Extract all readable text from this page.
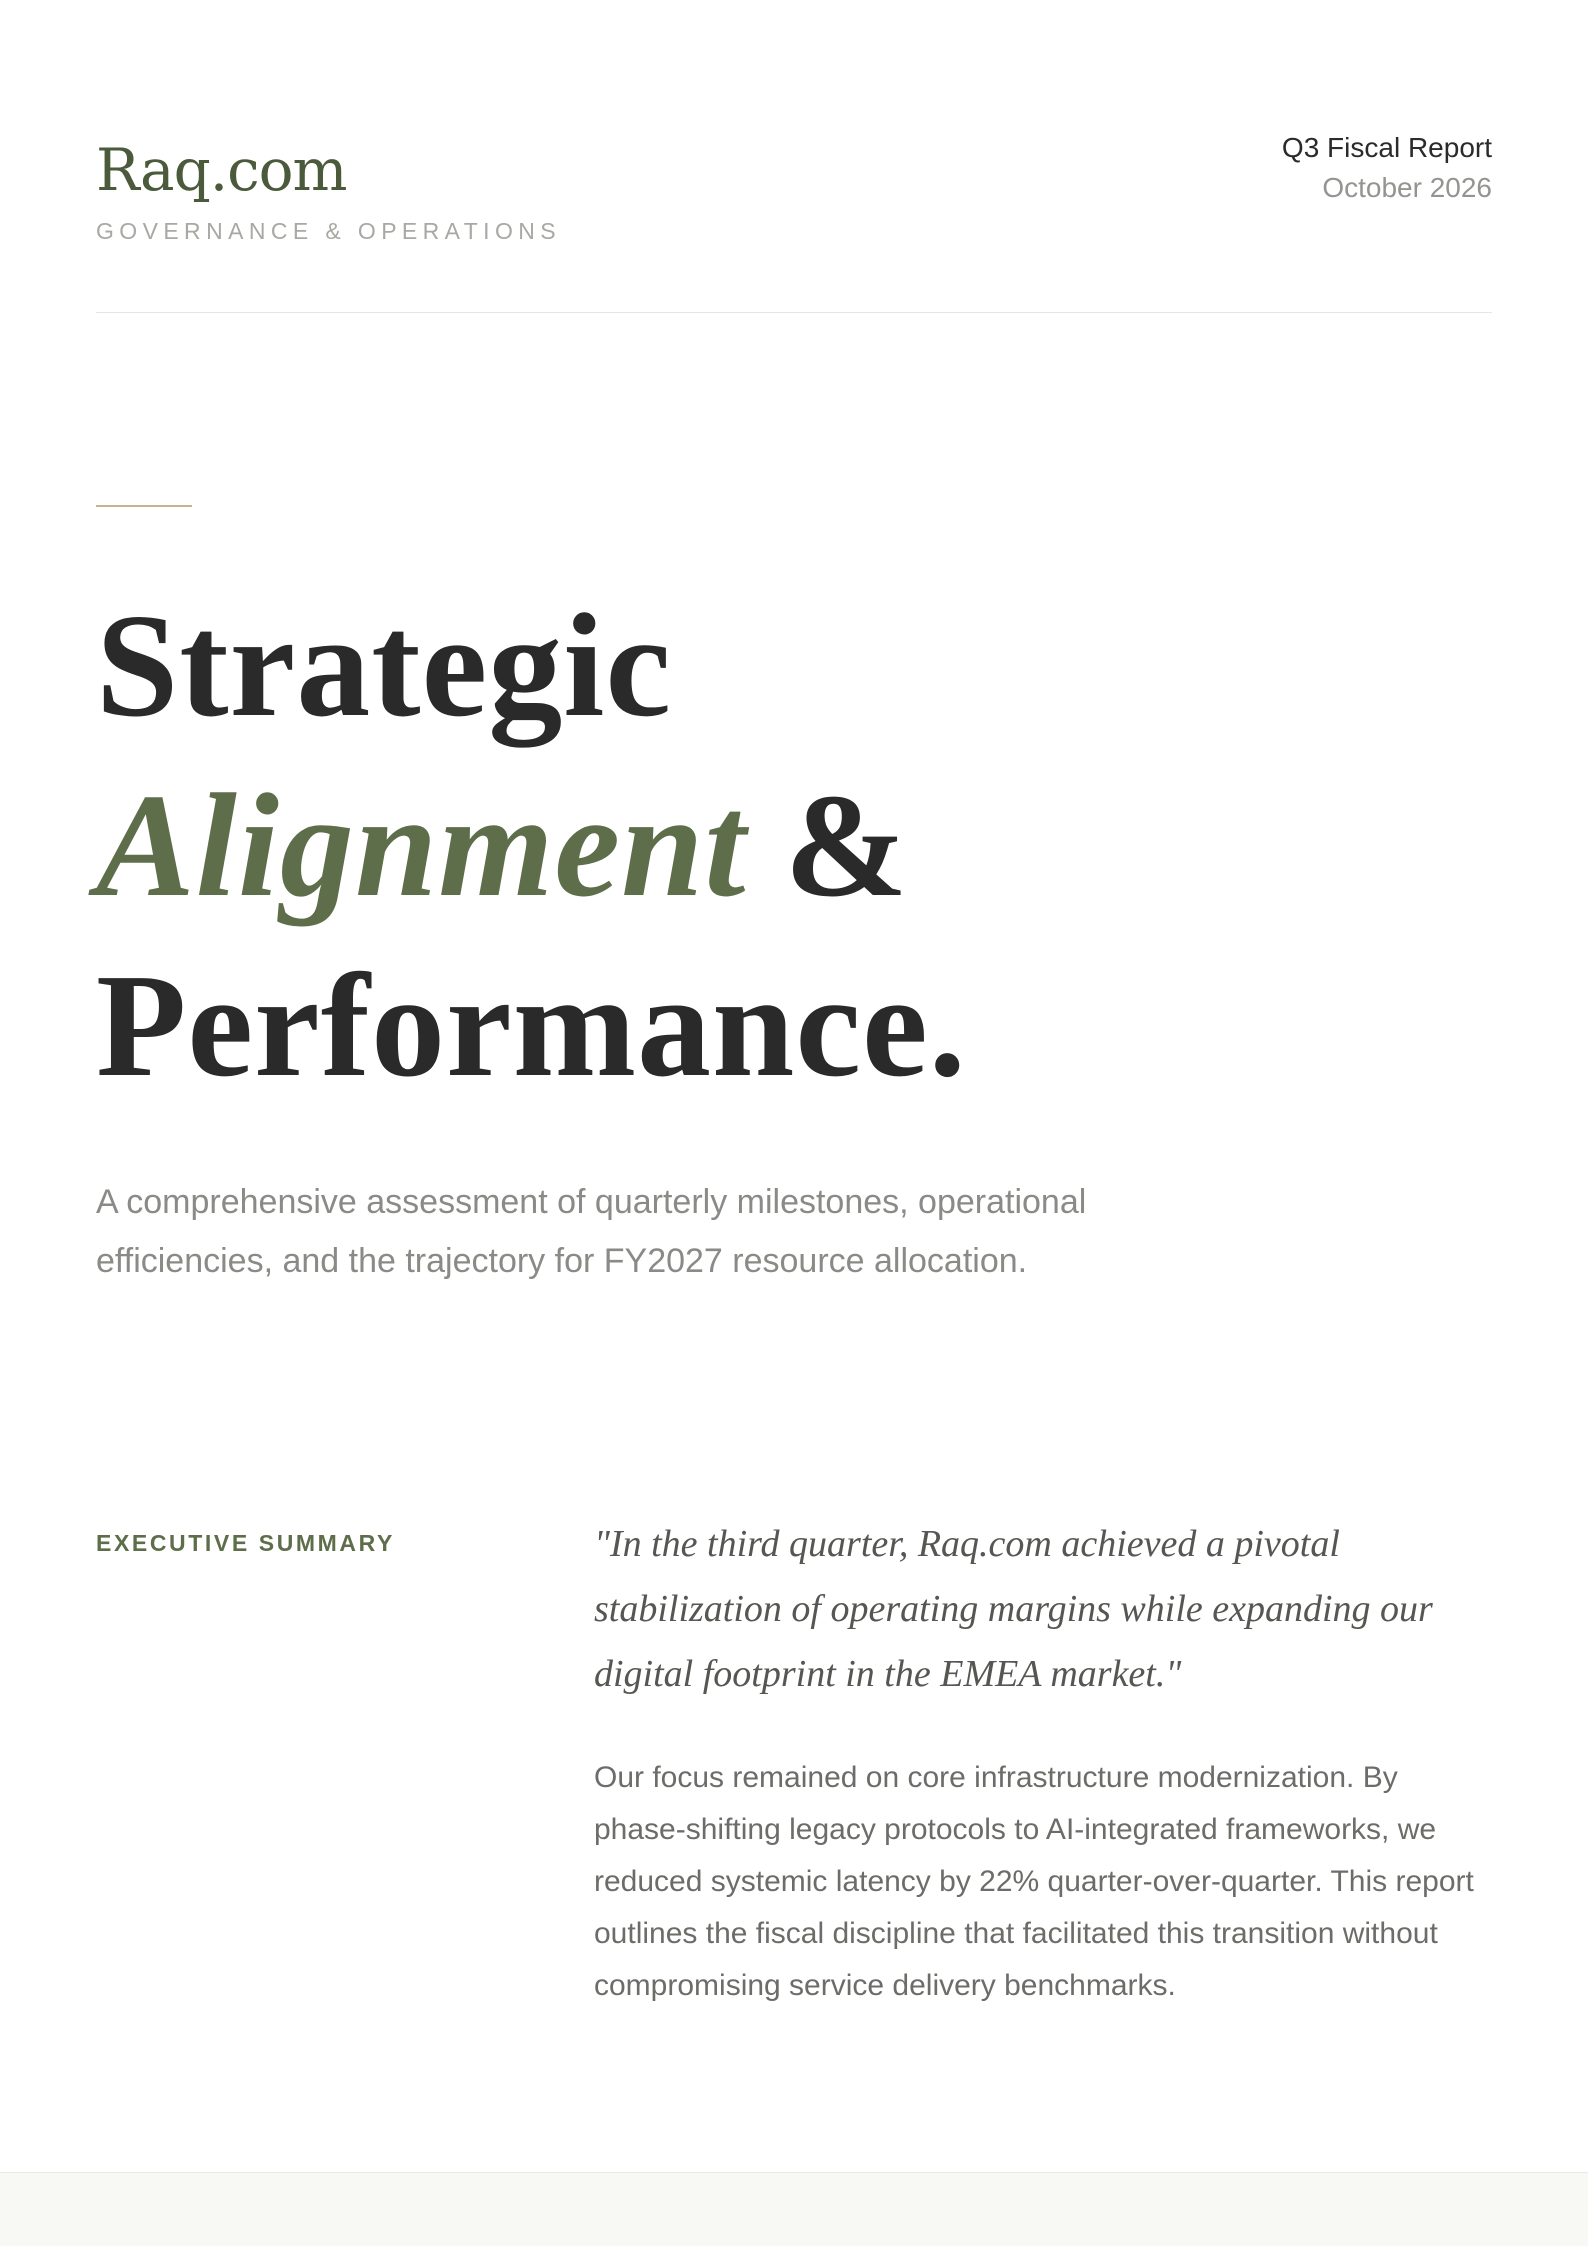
Raq.com
GOVERNANCE & OPERATIONS
Q3 Fiscal Report
October 2026
Strategic
Alignment &
Performance.

A comprehensive assessment of quarterly milestones, operational efficiencies, and the trajectory for FY2027 resource allocation.

EXECUTIVE SUMMARY	"In the third quarter, Raq.com achieved a pivotal stabilization of operating margins while expanding our digital footprint in the EMEA market."

Our focus remained on core infrastructure modernization. By phase-shifting legacy protocols to AI-integrated frameworks, we reduced systemic latency by 22% quarter-over-quarter. This report outlines the fiscal discipline that facilitated this transition without compromising service delivery benchmarks.
